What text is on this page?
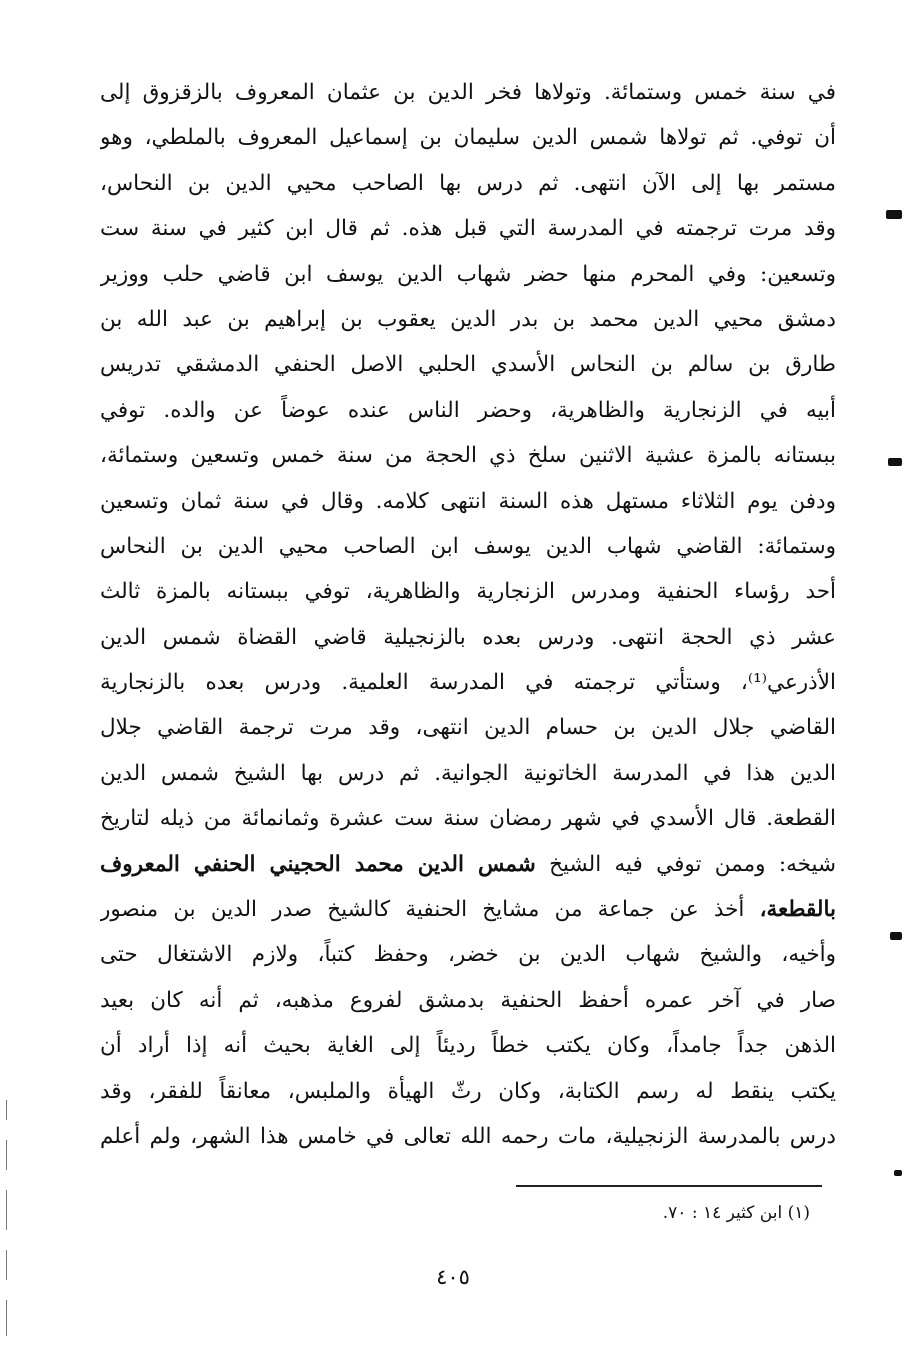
في سنة خمس وستمائة. وتولاها فخر الدين بن عثمان المعروف بالزقزوق إلى
أن توفي. ثم تولاها شمس الدين سليمان بن إسماعيل المعروف بالملطي، وهو
مستمر بها إلى الآن انتهى. ثم درس بها الصاحب محيي الدين بن النحاس،
وقد مرت ترجمته في المدرسة التي قبل هذه. ثم قال ابن كثير في سنة ست
وتسعين: وفي المحرم منها حضر شهاب الدين يوسف ابن قاضي حلب ووزير
دمشق محيي الدين محمد بن بدر الدين يعقوب بن إبراهيم بن عبد الله بن
طارق بن سالم بن النحاس الأسدي الحلبي الاصل الحنفي الدمشقي تدريس
أبيه في الزنجارية والظاهرية، وحضر الناس عنده عوضاً عن والده. توفي
ببستانه بالمزة عشية الاثنين سلخ ذي الحجة من سنة خمس وتسعين وستمائة،
ودفن يوم الثلاثاء مستهل هذه السنة انتهى كلامه. وقال في سنة ثمان وتسعين
وستمائة: القاضي شهاب الدين يوسف ابن الصاحب محيي الدين بن النحاس
أحد رؤساء الحنفية ومدرس الزنجارية والظاهرية، توفي ببستانه بالمزة ثالث
عشر ذي الحجة انتهى. ودرس بعده بالزنجيلية قاضي القضاة شمس الدين
الأذرعي⁽¹⁾، وستأتي ترجمته في المدرسة العلمية. ودرس بعده بالزنجارية
القاضي جلال الدين بن حسام الدين انتهى، وقد مرت ترجمة القاضي جلال
الدين هذا في المدرسة الخاتونية الجوانية. ثم درس بها الشيخ شمس الدين
القطعة. قال الأسدي في شهر رمضان سنة ست عشرة وثمانمائة من ذيله لتاريخ
شيخه: وممن توفي فيه الشيخ شمس الدين محمد الحجيني الحنفي المعروف
بالقطعة، أخذ عن جماعة من مشايخ الحنفية كالشيخ صدر الدين بن منصور
وأخيه، والشيخ شهاب الدين بن خضر، وحفظ كتباً، ولازم الاشتغال حتى
صار في آخر عمره أحفظ الحنفية بدمشق لفروع مذهبه، ثم أنه كان بعيد
الذهن جداً جامداً، وكان يكتب خطاً رديئاً إلى الغاية بحيث أنه إذا أراد أن
يكتب ينقط له رسم الكتابة، وكان رثّ الهيأة والملبس، معانقاً للفقر، وقد
درس بالمدرسة الزنجيلية، مات رحمه الله تعالى في خامس هذا الشهر، ولم أعلم
(١) ابن كثير ١٤ : ٧٠.
٤٠٥
